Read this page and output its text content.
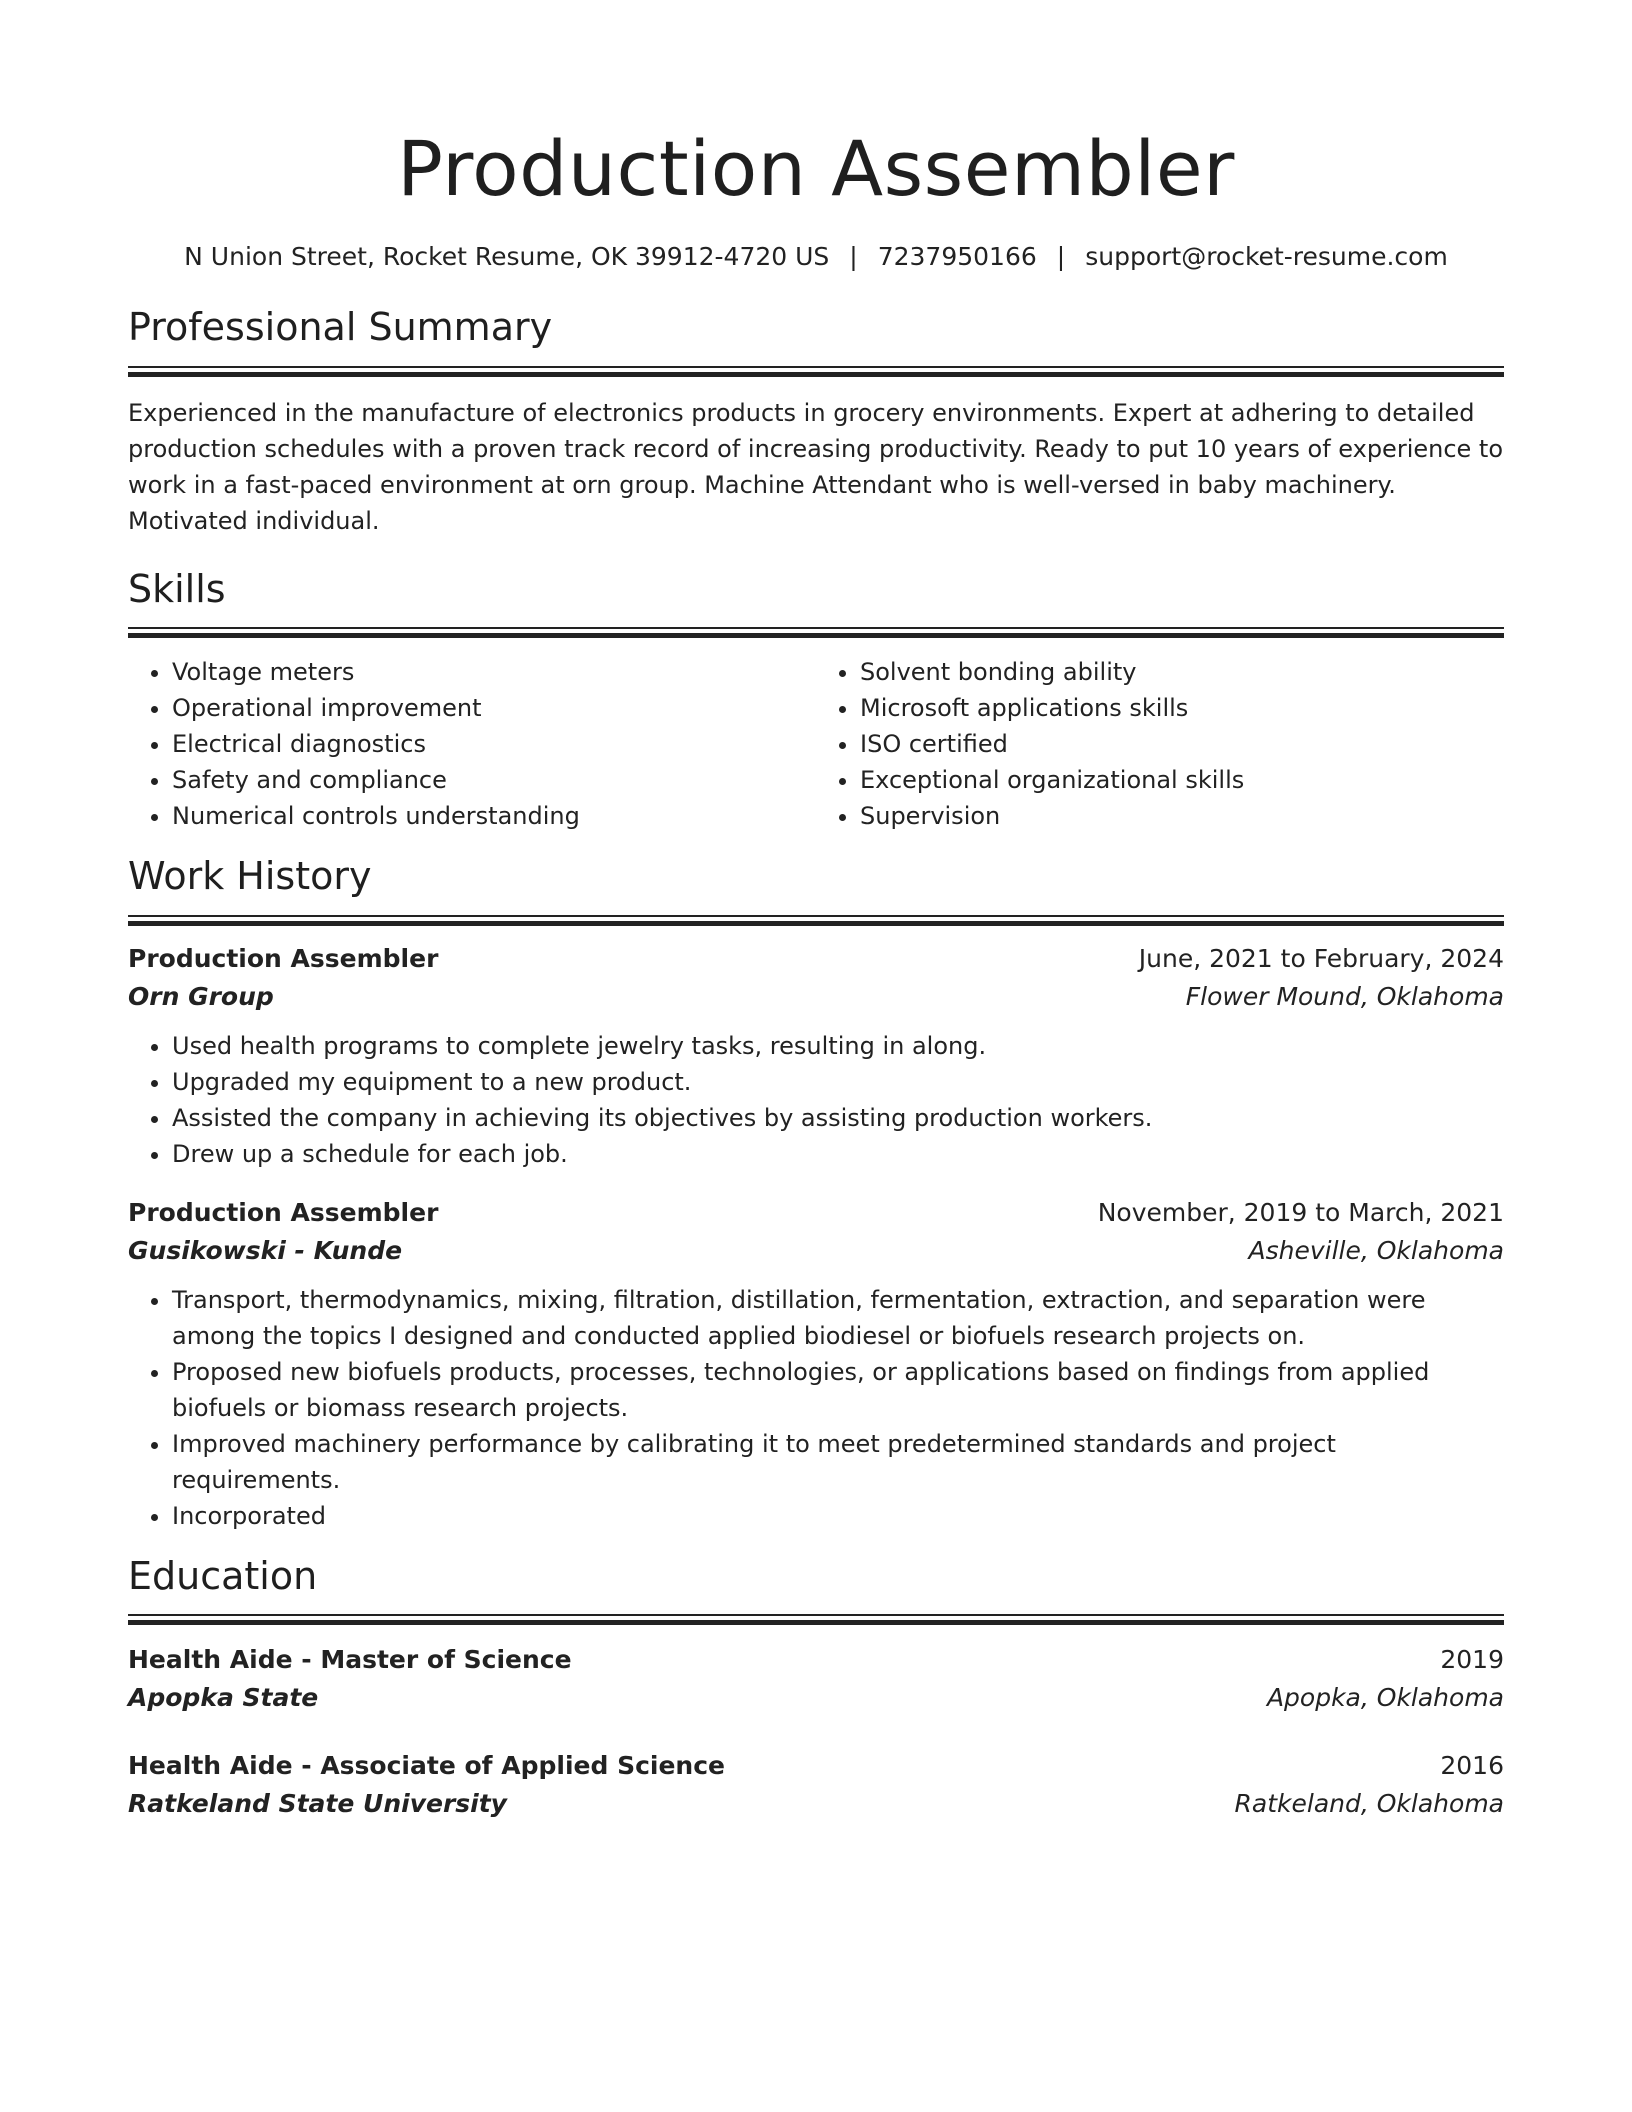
Production Assembler
N Union Street, Rocket Resume, OK 39912-4720 US | 7237950166 | support@rocket-resume.com
Professional Summary

Experienced in the manufacture of electronics products in grocery environments. Expert at adhering to detailed production schedules with a proven track record of increasing productivity. Ready to put 10 years of experience to work in a fast-paced environment at orn group. Machine Attendant who is well-versed in baby machinery. Motivated individual.

Skills
• Voltage meters
• Operational improvement
• Electrical diagnostics
• Safety and compliance
• Numerical controls understanding
• Solvent bonding ability
• Microsoft applications skills
• ISO certified
• Exceptional organizational skills
• Supervision
Work History
Production Assembler	June, 2021 to February, 2024
Orn Group	Flower Mound, Oklahoma
• Used health programs to complete jewelry tasks, resulting in along.
• Upgraded my equipment to a new product.
• Assisted the company in achieving its objectives by assisting production workers.
• Drew up a schedule for each job.
Production Assembler	November, 2019 to March, 2021
Gusikowski - Kunde	Asheville, Oklahoma
• Transport, thermodynamics, mixing, filtration, distillation, fermentation, extraction, and separation were among the topics I designed and conducted applied biodiesel or biofuels research projects on.
• Proposed new biofuels products, processes, technologies, or applications based on findings from applied biofuels or biomass research projects.
• Improved machinery performance by calibrating it to meet predetermined standards and project requirements.
• Incorporated
Education
Health Aide - Master of Science	2019
Apopka State	Apopka, Oklahoma
Health Aide - Associate of Applied Science	2016
Ratkeland State University	Ratkeland, Oklahoma
